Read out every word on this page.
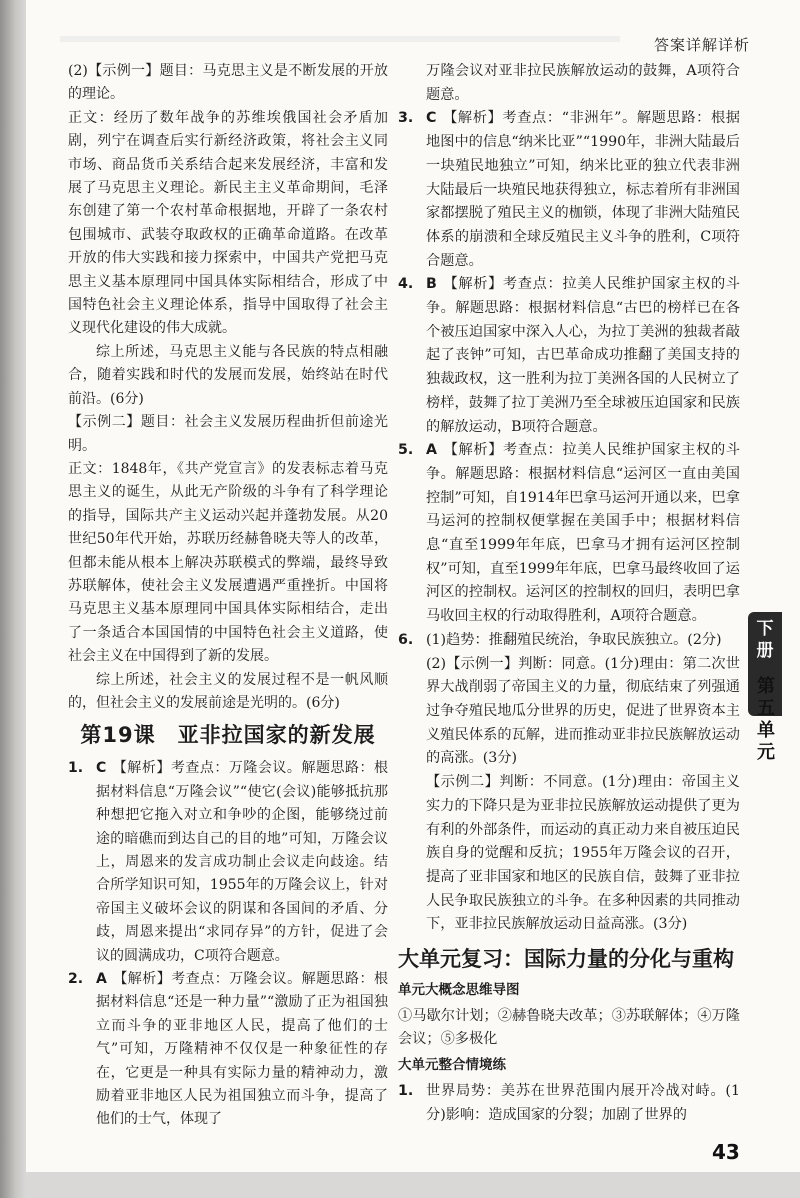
答案详解详析

(2)【示例一】题目：马克思主义是不断发展的开放的理论。

正文：经历了数年战争的苏维埃俄国社会矛盾加剧，列宁在调查后实行新经济政策，将社会主义同市场、商品货币关系结合起来发展经济，丰富和发展了马克思主义理论。新民主主义革命期间，毛泽东创建了第一个农村革命根据地，开辟了一条农村包围城市、武装夺取政权的正确革命道路。在改革开放的伟大实践和接力探索中，中国共产党把马克思主义基本原理同中国具体实际相结合，形成了中国特色社会主义理论体系，指导中国取得了社会主义现代化建设的伟大成就。

综上所述，马克思主义能与各民族的特点相融合，随着实践和时代的发展而发展，始终站在时代前沿。(6分)

【示例二】题目：社会主义发展历程曲折但前途光明。

正文：1848年，《共产党宣言》的发表标志着马克思主义的诞生，从此无产阶级的斗争有了科学理论的指导，国际共产主义运动兴起并蓬勃发展。从20世纪50年代开始，苏联历经赫鲁晓夫等人的改革，但都未能从根本上解决苏联模式的弊端，最终导致苏联解体，使社会主义发展遭遇严重挫折。中国将马克思主义基本原理同中国具体实际相结合，走出了一条适合本国国情的中国特色社会主义道路，使社会主义在中国得到了新的发展。

综上所述，社会主义的发展过程不是一帆风顺的，但社会主义的发展前途是光明的。(6分)

第19课　亚非拉国家的新发展

1. C 【解析】考查点：万隆会议。解题思路：根据材料信息“万隆会议”“使它(会议)能够抵抗那种想把它拖入对立和争吵的企图，能够绕过前途的暗礁而到达自己的目的地”可知，万隆会议上，周恩来的发言成功制止会议走向歧途。结合所学知识可知，1955年的万隆会议上，针对帝国主义破坏会议的阴谋和各国间的矛盾、分歧，周恩来提出“求同存异”的方针，促进了会议的圆满成功，C项符合题意。

2. A 【解析】考查点：万隆会议。解题思路：根据材料信息“还是一种力量”“激励了正为祖国独立而斗争的亚非地区人民，提高了他们的士气”可知，万隆精神不仅仅是一种象征性的存在，它更是一种具有实际力量的精神动力，激励着亚非地区人民为祖国独立而斗争，提高了他们的士气，体现了

万隆会议对亚非拉民族解放运动的鼓舞，A项符合题意。

3. C 【解析】考查点：“非洲年”。解题思路：根据地图中的信息“纳米比亚”“1990年，非洲大陆最后一块殖民地独立”可知，纳米比亚的独立代表非洲大陆最后一块殖民地获得独立，标志着所有非洲国家都摆脱了殖民主义的枷锁，体现了非洲大陆殖民体系的崩溃和全球反殖民主义斗争的胜利，C项符合题意。

4. B 【解析】考查点：拉美人民维护国家主权的斗争。解题思路：根据材料信息“古巴的榜样已在各个被压迫国家中深入人心，为拉丁美洲的独裁者敲起了丧钟”可知，古巴革命成功推翻了美国支持的独裁政权，这一胜利为拉丁美洲各国的人民树立了榜样，鼓舞了拉丁美洲乃至全球被压迫国家和民族的解放运动，B项符合题意。

5. A 【解析】考查点：拉美人民维护国家主权的斗争。解题思路：根据材料信息“运河区一直由美国控制”可知，自1914年巴拿马运河开通以来，巴拿马运河的控制权便掌握在美国手中；根据材料信息“直至1999年年底，巴拿马才拥有运河区控制权”可知，直至1999年年底，巴拿马最终收回了运河区的控制权。运河区的控制权的回归，表明巴拿马收回主权的行动取得胜利，A项符合题意。

6. (1)趋势：推翻殖民统治，争取民族独立。(2分)

(2)【示例一】判断：同意。(1分)理由：第二次世界大战削弱了帝国主义的力量，彻底结束了列强通过争夺殖民地瓜分世界的历史，促进了世界资本主义殖民体系的瓦解，进而推动亚非拉民族解放运动的高涨。(3分)

【示例二】判断：不同意。(1分)理由：帝国主义实力的下降只是为亚非拉民族解放运动提供了更为有利的外部条件，而运动的真正动力来自被压迫民族自身的觉醒和反抗；1955年万隆会议的召开，提高了亚非国家和地区的民族自信，鼓舞了亚非拉人民争取民族独立的斗争。在多种因素的共同推动下，亚非拉民族解放运动日益高涨。(3分)

大单元复习：国际力量的分化与重构
单元大概念思维导图

①马歇尔计划；②赫鲁晓夫改革；③苏联解体；④万隆会议；⑤多极化

大单元整合情境练

1. 世界局势：美苏在世界范围内展开冷战对峙。(1分)影响：造成国家的分裂；加剧了世界的

下
册
第
五
单
元
43
